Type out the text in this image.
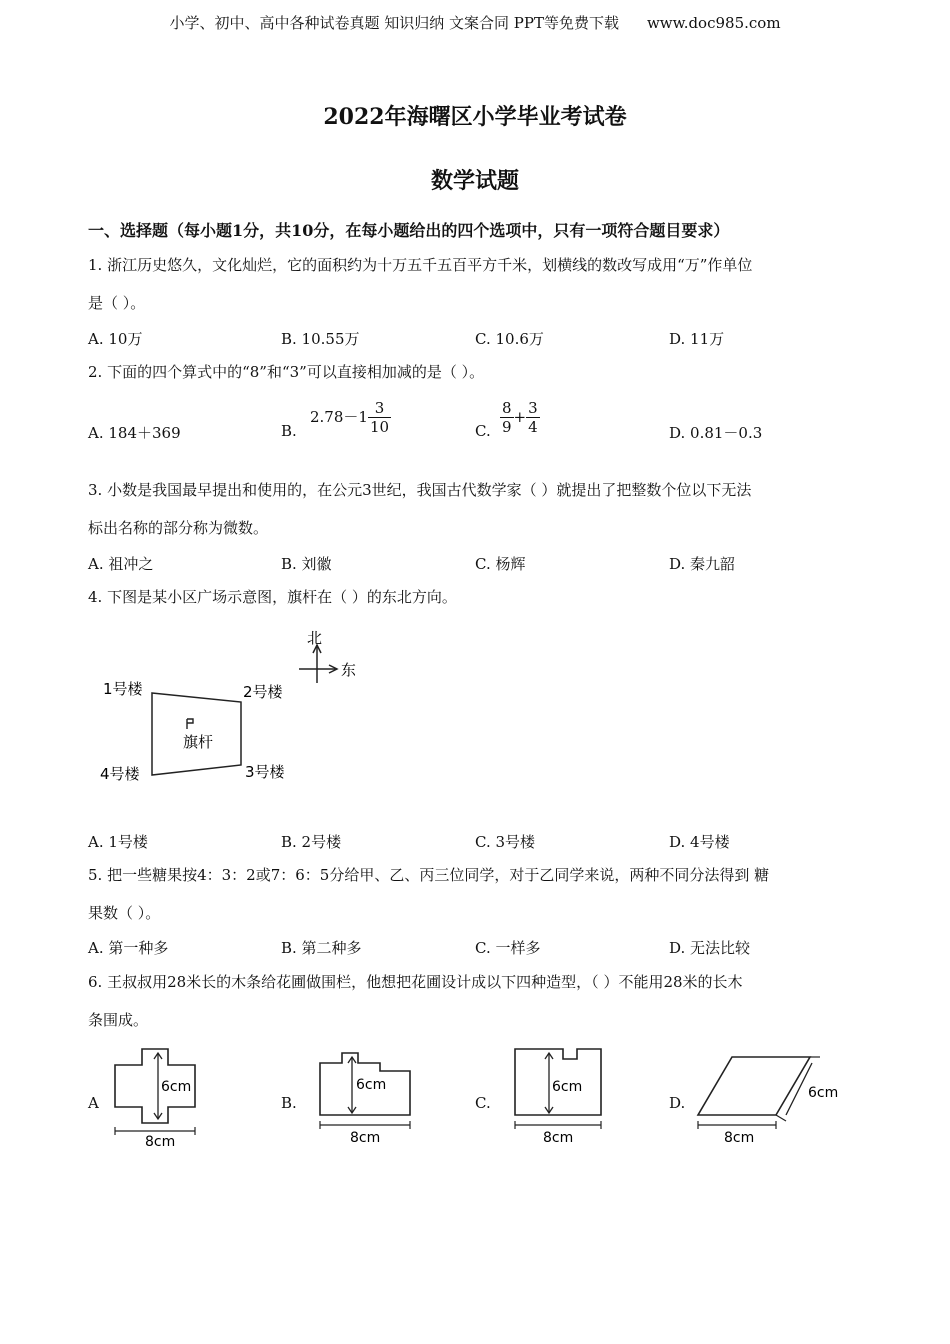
小学、初中、高中各种试卷真题 知识归纳 文案合同 PPT等免费下载 www.doc985.com
2022年海曙区小学毕业考试卷
数学试题
一、选择题（每小题1分，共10分，在每小题给出的四个选项中，只有一项符合题目要求）
1. 浙江历史悠久，文化灿烂，它的面积约为十万五千五百平方千米，划横线的数改写成用“万”作单位
是（ ）。
A. 10万	B. 10.55万	C. 10.6万	D. 11万
2. 下面的四个算式中的“8”和“3”可以直接相加减的是（ ）。
A. 184＋369	B.
$2.78-1 \frac{3}{10}$	C. $\frac{8}{9} + \frac{3}{4}$	D. 0.81－0.3
3. 小数是我国最早提出和使用的，在公元3世纪，我国古代数学家（ ）就提出了把整数个位以下无法
标出名称的部分称为微数。
A. 祖冲之	B. 刘徽	C. 杨辉	D. 秦九韶
4. 下图是某小区广场示意图，旗杆在（ ）的东北方向。
北
东
旗杆
1号楼	2号楼
3号楼
4号楼
A. 1号楼	B. 2号楼	C. 3号楼	D. 4号楼
5. 把一些糖果按4：3：2或7：6：5分给甲、乙、丙三位同学，对于乙同学来说，两种不同分法得到 糖
果数（ ）。
A. 第一种多	B. 第二种多	C. 一样多	D. 无法比较
6. 王叔叔用28米长的木条给花圃做围栏，他想把花圃设计成以下四种造型，（ ）不能用28米的长木
条围成。
A
6cm
8cm
B.
6cm
8cm
C.
6cm
8cm
D.
6cm
8cm
